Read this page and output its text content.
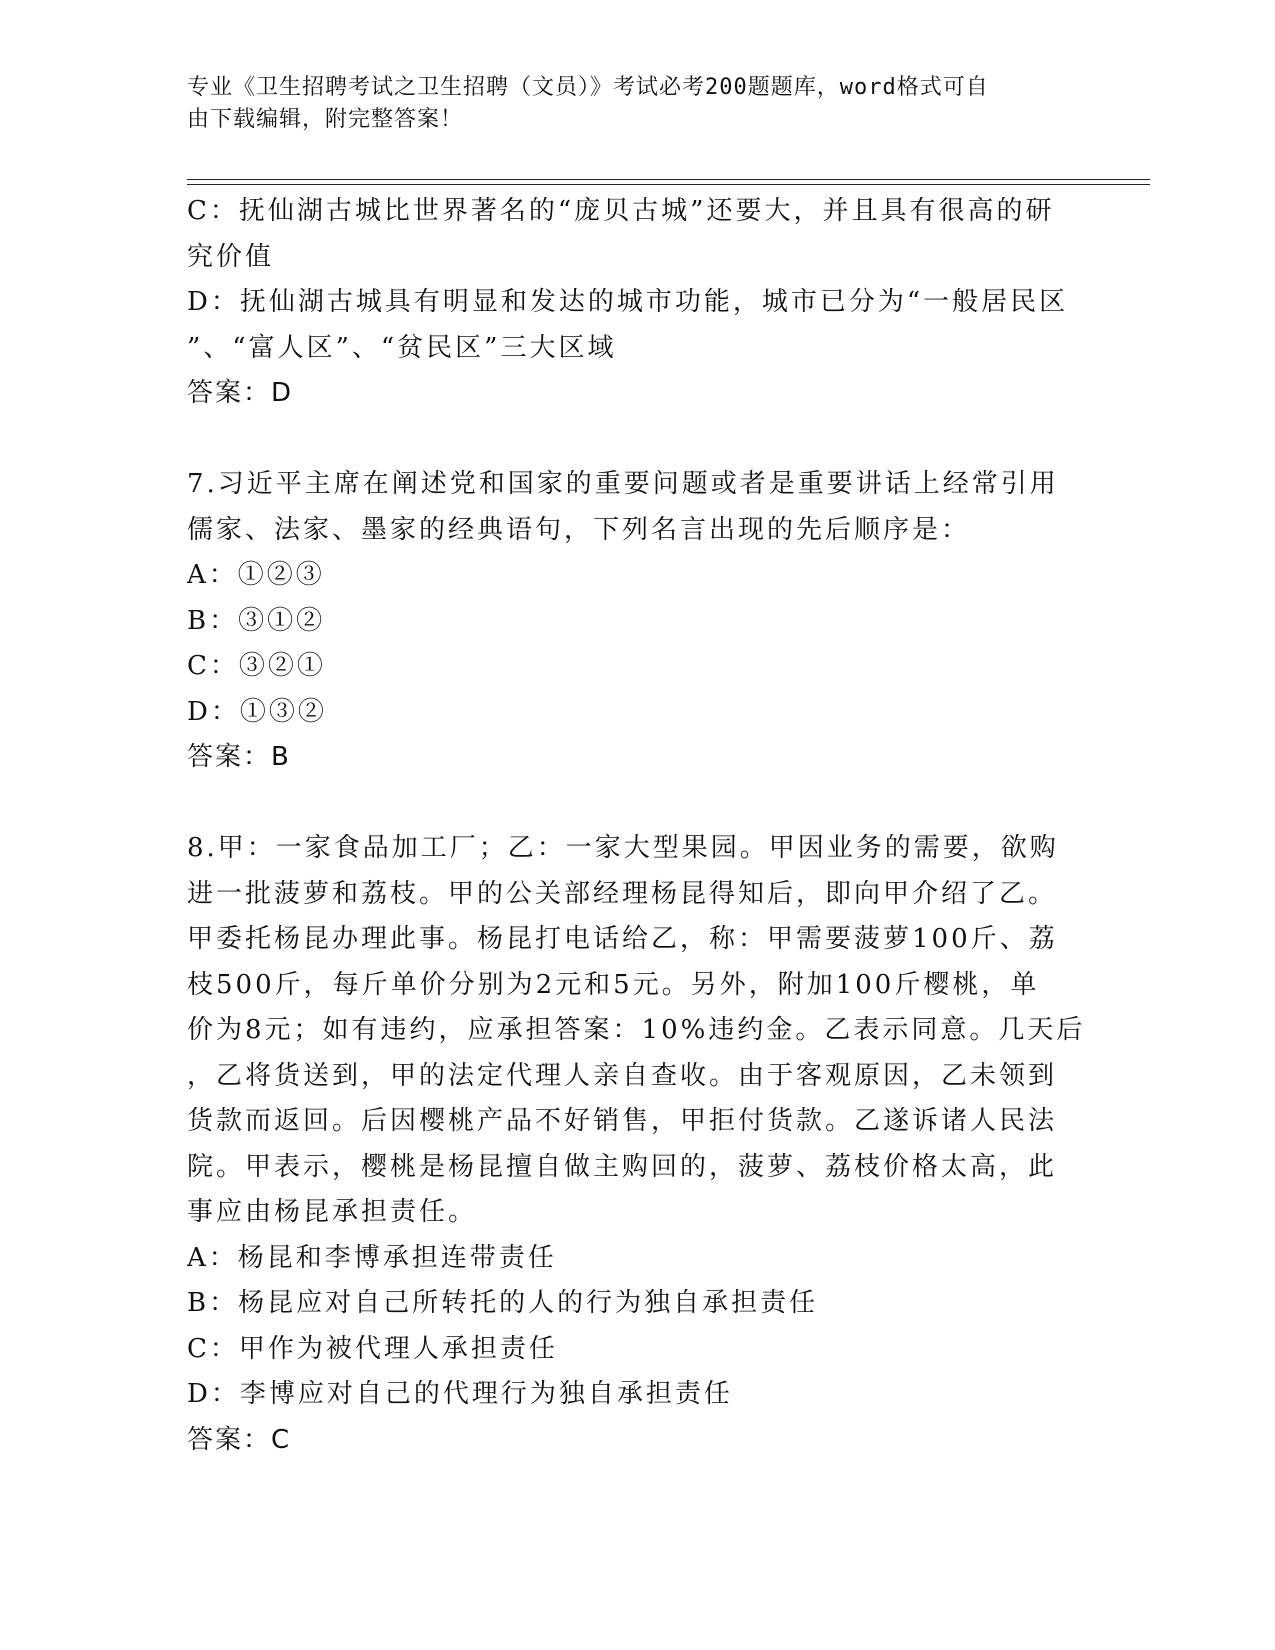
专业《卫生招聘考试之卫生招聘（文员）》考试必考200题题库，word格式可自
由下载编辑，附完整答案！

C：抚仙湖古城比世界著名的“庞贝古城”还要大，并且具有很高的研

究价值

D：抚仙湖古城具有明显和发达的城市功能，城市已分为“一般居民区

”、“富人区”、“贫民区”三大区域

答案：D

7.习近平主席在阐述党和国家的重要问题或者是重要讲话上经常引用

儒家、法家、墨家的经典语句，下列名言出现的先后顺序是：

A：①②③

B：③①②

C：③②①

D：①③②

答案：B

8.甲：一家食品加工厂；乙：一家大型果园。甲因业务的需要，欲购

进一批菠萝和荔枝。甲的公关部经理杨昆得知后，即向甲介绍了乙。

甲委托杨昆办理此事。杨昆打电话给乙，称：甲需要菠萝100斤、荔

枝500斤，每斤单价分别为2元和5元。另外，附加100斤樱桃，单

价为8元；如有违约，应承担答案：10%违约金。乙表示同意。几天后

，乙将货送到，甲的法定代理人亲自查收。由于客观原因，乙未领到

货款而返回。后因樱桃产品不好销售，甲拒付货款。乙遂诉诸人民法

院。甲表示，樱桃是杨昆擅自做主购回的，菠萝、荔枝价格太高，此

事应由杨昆承担责任。

A：杨昆和李博承担连带责任

B：杨昆应对自己所转托的人的行为独自承担责任

C：甲作为被代理人承担责任

D：李博应对自己的代理行为独自承担责任

答案：C
